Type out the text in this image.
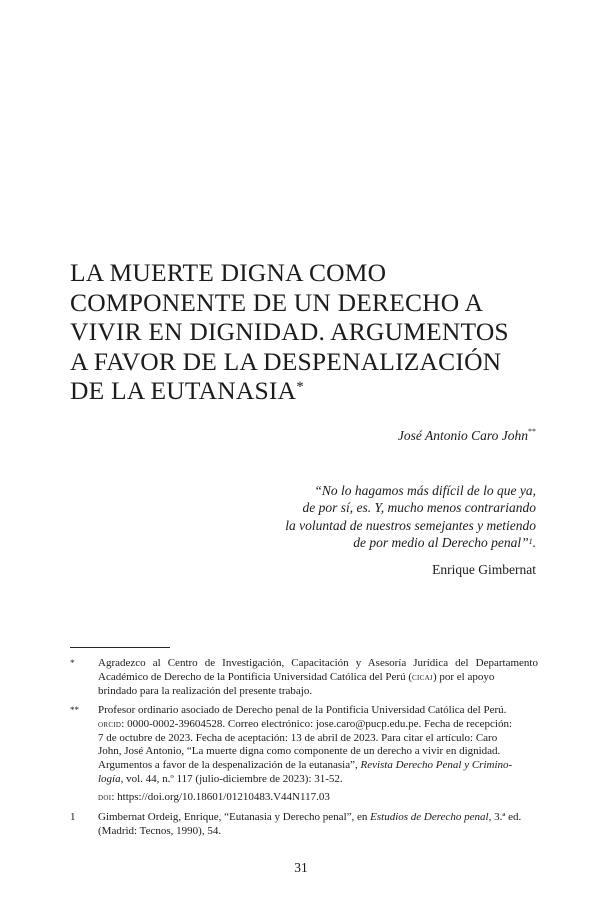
LA MUERTE DIGNA COMO
COMPONENTE DE UN DERECHO A
VIVIR EN DIGNIDAD. ARGUMENTOS
A FAVOR DE LA DESPENALIZACIÓN
DE LA EUTANASIA*
José Antonio Caro John**
“No lo hagamos más difícil de lo que ya,
de por sí, es. Y, mucho menos contrariando
la voluntad de nuestros semejantes y metiendo
de por medio al Derecho penal”$^1$.
Enrique Gimbernat
* Agradezco al Centro de Investigación, Capacitación y Asesoría Jurídica del Departamento
Académico de Derecho de la Pontificia Universidad Católica del Perú (cicaj) por el apoyo
brindado para la realización del presente trabajo.
** Profesor ordinario asociado de Derecho penal de la Pontificia Universidad Católica del Perú.
orcid: 0000-0002-39604528. Correo electrónico: jose.caro@pucp.edu.pe. Fecha de recepción:
7 de octubre de 2023. Fecha de aceptación: 13 de abril de 2023. Para citar el artículo: Caro
John, José Antonio, “La muerte digna como componente de un derecho a vivir en dignidad.
Argumentos a favor de la despenalización de la eutanasia”, Revista Derecho Penal y Crimino-
logía, vol. 44, n.º 117 (julio-diciembre de 2023): 31-52.
doi: https://doi.org/10.18601/01210483.V44N117.03
1 Gimbernat Ordeig, Enrique, “Eutanasia y Derecho penal”, en Estudios de Derecho penal, 3.ª ed.
(Madrid: Tecnos, 1990), 54.
31
